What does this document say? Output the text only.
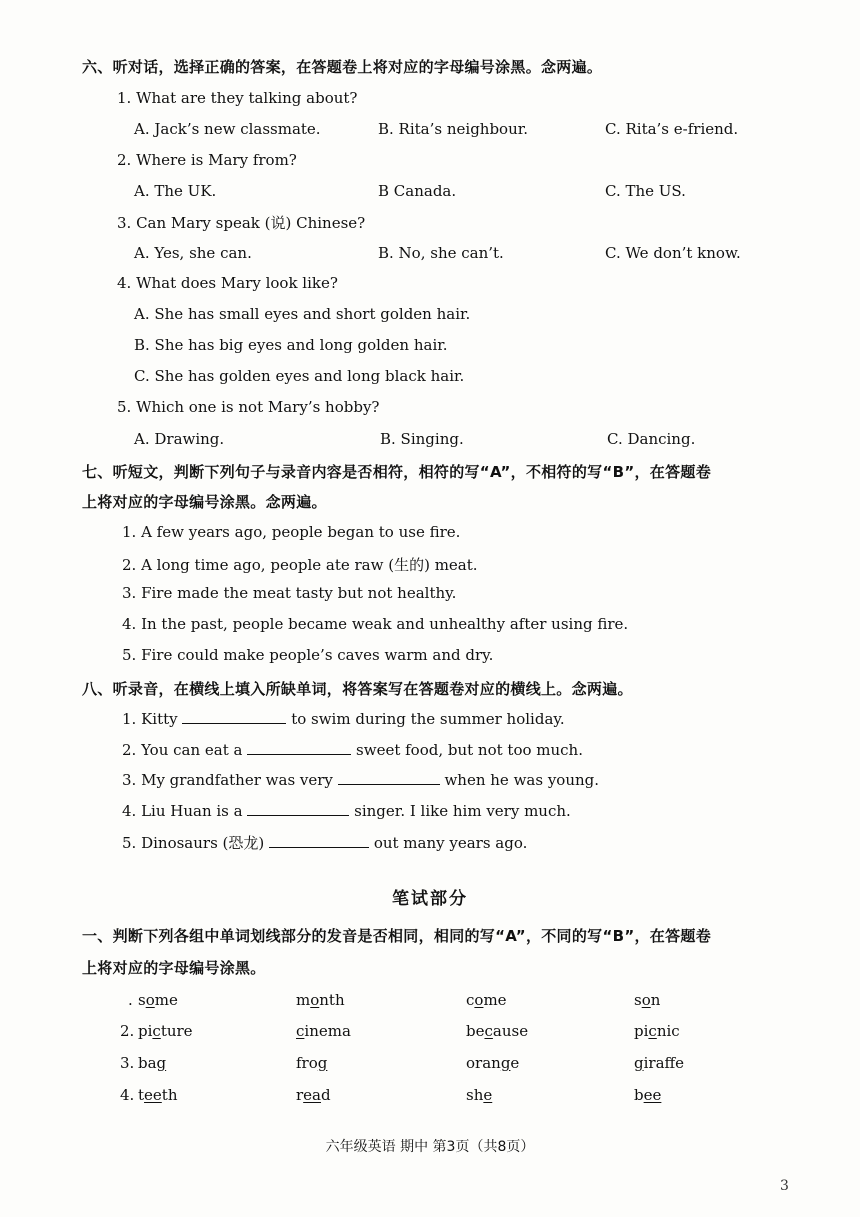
六、听对话，选择正确的答案，在答题卷上将对应的字母编号涂黑。念两遍。
1. What are they talking about?
A. Jack’s new classmate.	B. Rita’s neighbour.	C. Rita’s e-friend.
2. Where is Mary from?
A. The UK.	B Canada.	C. The US.
3. Can Mary speak (说) Chinese?
A. Yes, she can.	B. No, she can’t.	C. We don’t know.
4. What does Mary look like?
A. She has small eyes and short golden hair.
B. She has big eyes and long golden hair.
C. She has golden eyes and long black hair.
5. Which one is not Mary’s hobby?
A. Drawing.	B. Singing.	C. Dancing.
七、听短文，判断下列句子与录音内容是否相符，相符的写“A”，不相符的写“B”，在答题卷
上将对应的字母编号涂黑。念两遍。
1. A few years ago, people began to use fire.
2. A long time ago, people ate raw (生的) meat.
3. Fire made the meat tasty but not healthy.
4. In the past, people became weak and unhealthy after using fire.
5. Fire could make people’s caves warm and dry.
八、听录音，在横线上填入所缺单词，将答案写在答题卷对应的横线上。念两遍。
1. Kitty	to swim during the summer holiday.
2. You can eat a	sweet food, but not too much.
3. My grandfather was very	when he was young.
4. Liu Huan is a	singer. I like him very much.
5. Dinosaurs (恐龙)	out many years ago.
笔试部分
一、判断下列各组中单词划线部分的发音是否相同，相同的写“A”，不同的写“B”，在答题卷
上将对应的字母编号涂黑。
. some	month	come	son
2. picture	cinema	because	picnic
3. bag	frog	orange	giraffe
4. teeth	read	she	bee
六年级英语 期中 第3页（共8页）
3
